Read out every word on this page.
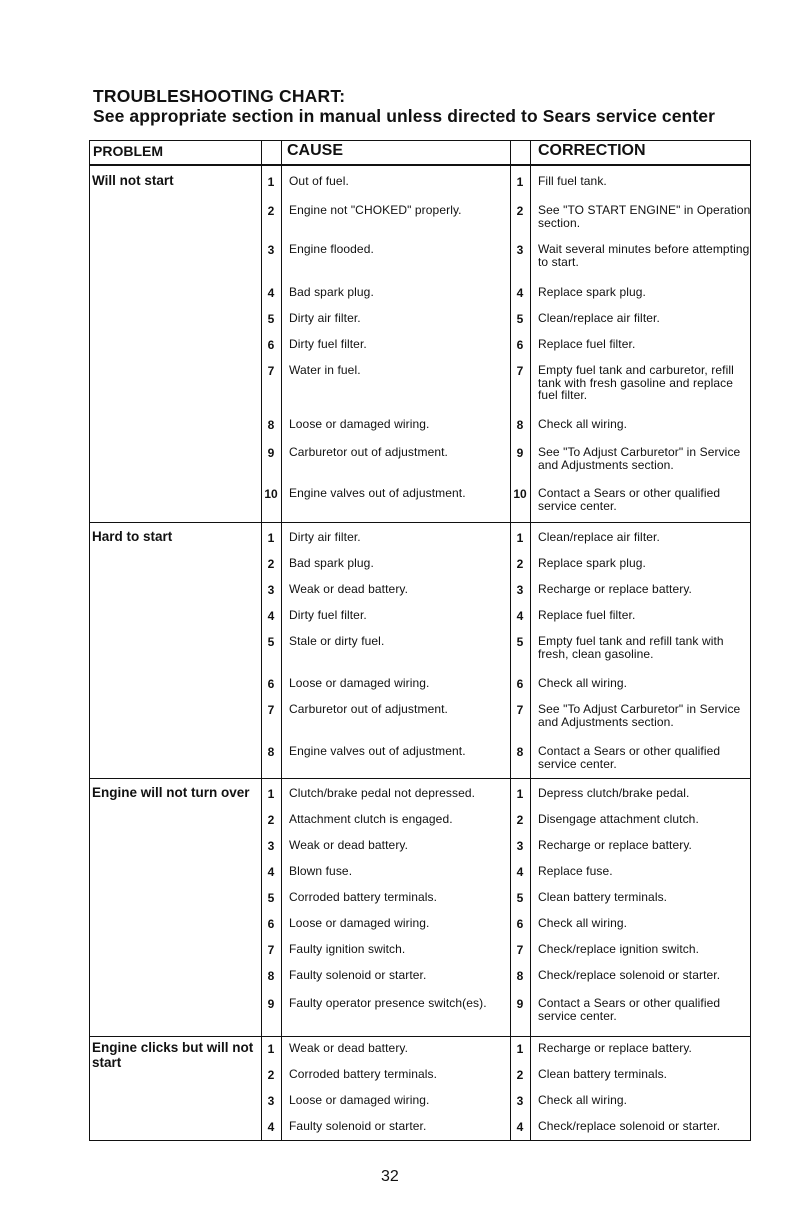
TROUBLESHOOTING CHART:
See appropriate section in manual unless directed to Sears service center
PROBLEM	CAUSE	CORRECTION
Will not start	1	Out of fuel.	1	Fill fuel tank.
2	Engine not "CHOKED" properly.	2	See "TO START ENGINE" in Operation section.
3	Engine flooded.	3	Wait several minutes before attempting to start.
4	Bad spark plug.	4	Replace spark plug.
5	Dirty air filter.	5	Clean/replace air filter.
6	Dirty fuel filter.	6	Replace fuel filter.
7	Water in fuel.	7	Empty fuel tank and carburetor, refill tank with fresh gasoline and replace fuel filter.
8	Loose or damaged wiring.	8	Check all wiring.
9	Carburetor out of adjustment.	9	See "To Adjust Carburetor" in Service and Adjustments section.
10 Engine valves out of adjustment.	10 Contact a Sears or other qualified service center.
Hard to start	1	Dirty air filter.	1	Clean/replace air filter.
2	Bad spark plug.	2	Replace spark plug.
3	Weak or dead battery.	3	Recharge or replace battery.
4	Dirty fuel filter.	4	Replace fuel filter.
5	Stale or dirty fuel.	5	Empty fuel tank and refill tank with fresh, clean gasoline.
6	Loose or damaged wiring.	6	Check all wiring.
7	Carburetor out of adjustment.	7	See "To Adjust Carburetor" in Service and Adjustments section.
8	Engine valves out of adjustment.	8	Contact a Sears or other qualified service center.
Engine will not turn over	1	Clutch/brake pedal not depressed.	1	Depress clutch/brake pedal.
2	Attachment clutch is engaged.	2	Disengage attachment clutch.
3	Weak or dead battery.	3	Recharge or replace battery.
4	Blown fuse.	4	Replace fuse.
5	Corroded battery terminals.	5	Clean battery terminals.
6	Loose or damaged wiring.	6	Check all wiring.
7	Faulty ignition switch.	7	Check/replace ignition switch.
8	Faulty solenoid or starter.	8	Check/replace solenoid or starter.
9	Faulty operator presence switch(es).	9	Contact a Sears or other qualified service center.
Engine clicks but will not start
1	Weak or dead battery.	1	Recharge or replace battery.
2	Corroded battery terminals.	2	Clean battery terminals.
3	Loose or damaged wiring.	3	Check all wiring.
4	Faulty solenoid or starter.	4	Check/replace solenoid or starter.
32
